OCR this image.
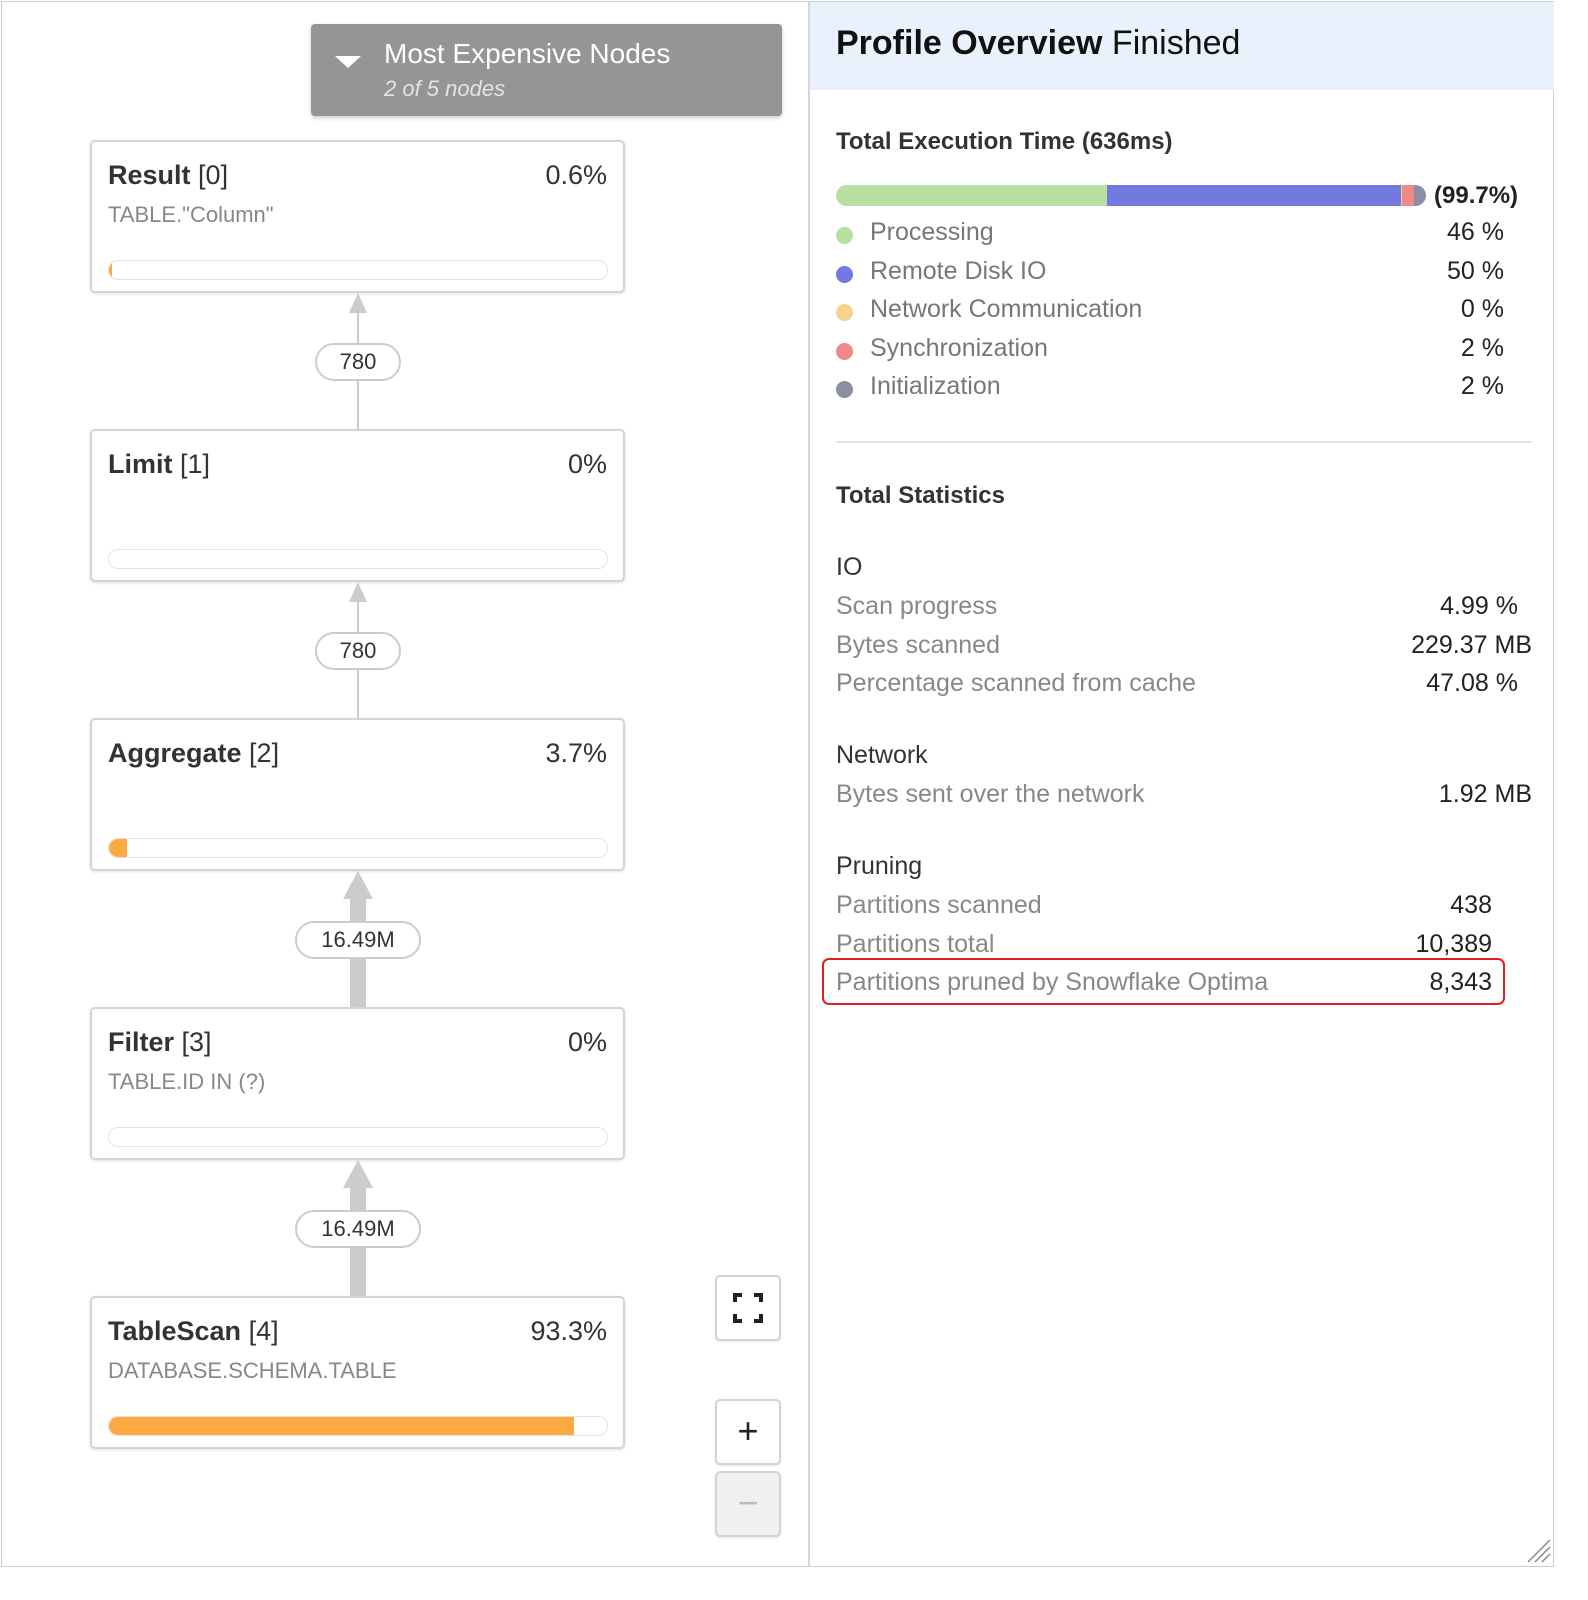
Most Expensive Nodes
2 of 5 nodes
Result [0]	0.6%
TABLE."Column"
Limit [1]	0%
Aggregate [2]	3.7%
Filter [3]	0%
TABLE.ID IN (?)
TableScan [4]	93.3%
DATABASE.SCHEMA.TABLE
780
780
16.49M
16.49M
+
−
Profile Overview Finished
Total Execution Time (636ms)
(99.7%)
Processing	46 %
Remote Disk IO	50 %
Network Communication	0 %
Synchronization	2 %
Initialization	2 %
Total Statistics
IO
Scan progress	4.99 %
Bytes scanned	229.37 MB
Percentage scanned from cache	47.08 %
Network
Bytes sent over the network	1.92 MB
Pruning
Partitions scanned	438
Partitions total	10,389
Partitions pruned by Snowflake Optima	8,343
